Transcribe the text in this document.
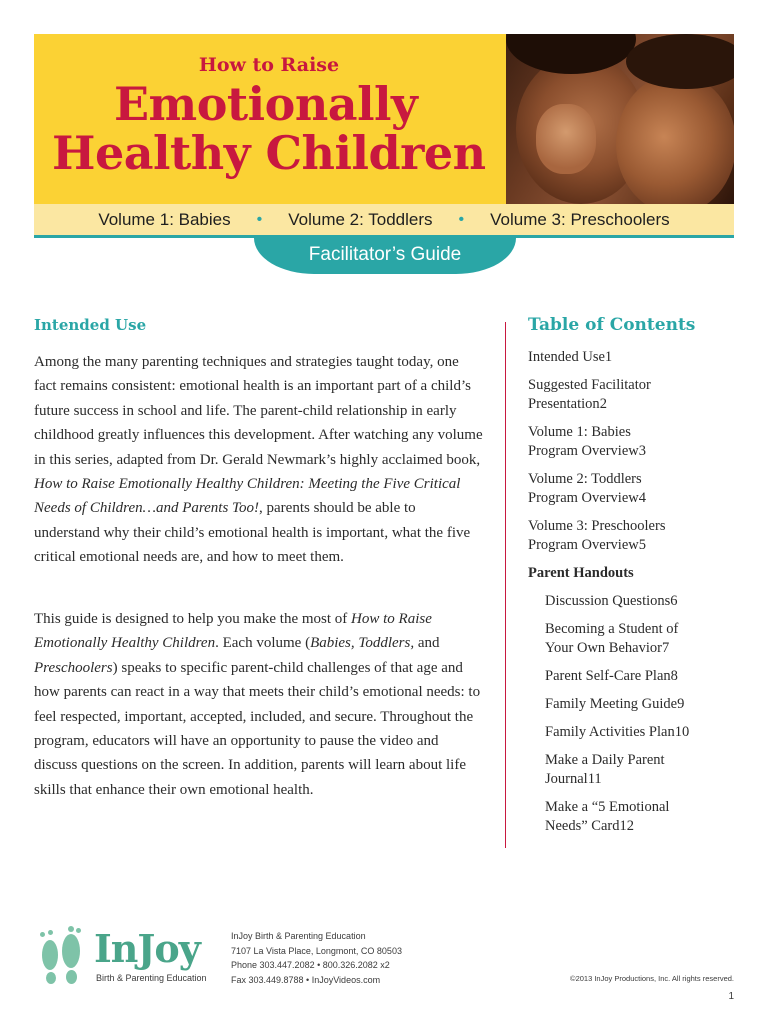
How to Raise
Emotionally
Healthy Children
Volume 1: Babies • Volume 2: Toddlers • Volume 3: Preschoolers
Facilitator’s Guide
Intended Use
Among the many parenting techniques and strategies taught today, one fact remains consistent: emotional health is an important part of a child’s future success in school and life. The parent-child relationship in early childhood greatly influences this development. After watching any volume in this series, adapted from Dr. Gerald Newmark’s highly acclaimed book, How to Raise Emotionally Healthy Children: Meeting the Five Critical Needs of Children…and Parents Too!, parents should be able to understand why their child’s emotional health is important, what the five critical emotional needs are, and how to meet them.
This guide is designed to help you make the most of How to Raise Emotionally Healthy Children. Each volume (Babies, Toddlers, and Preschoolers) speaks to specific parent-child challenges of that age and how parents can react in a way that meets their child’s emotional needs: to feel respected, important, accepted, included, and secure. Throughout the program, educators will have an opportunity to pause the video and discuss questions on the screen. In addition, parents will learn about life skills that enhance their own emotional health.
Table of Contents
Intended Use 1
Suggested Facilitator
Presentation 2
Volume 1: Babies
Program Overview 3
Volume 2: Toddlers
Program Overview 4
Volume 3: Preschoolers
Program Overview 5
Parent Handouts
Discussion Questions 6
Becoming a Student of
Your Own Behavior 7
Parent Self-Care Plan 8
Family Meeting Guide 9
Family Activities Plan 10
Make a Daily Parent
Journal 11
Make a “5 Emotional
Needs” Card 12
InJoy
Birth & Parenting Education
InJoy Birth & Parenting Education
7107 La Vista Place, Longmont, CO 80503
Phone 303.447.2082 • 800.326.2082 x2
Fax 303.449.8788 • InJoyVideos.com	©2013 InJoy Productions, Inc. All rights reserved.
1
